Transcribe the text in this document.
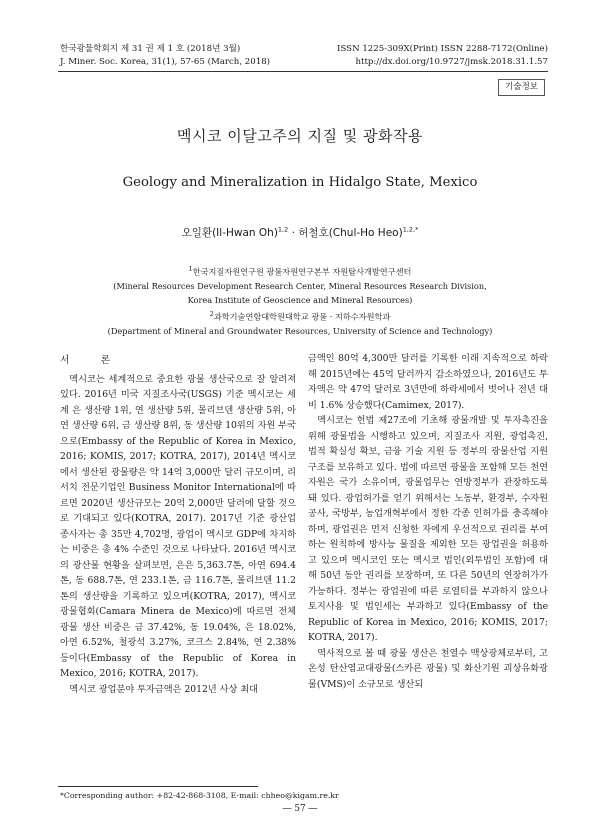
한국광물학회지 제 31 권 제 1 호 (2018년 3월)
J. Miner. Soc. Korea, 31(1), 57-65 (March, 2018)
ISSN 1225-309X(Print) ISSN 2288-7172(Online)
http://dx.doi.org/10.9727/jmsk.2018.31.1.57
기술정보
멕시코 이달고주의 지질 및 광화작용
Geology and Mineralization in Hidalgo State, Mexico
오일환(Il-Hwan Oh)$^{1,2}$ · 허철호(Chul-Ho Heo)$^{1,2,*}$
$^1$한국지질자원연구원 광물자원연구본부 자원탐사개발연구센터
(Mineral Resources Development Research Center, Mineral Resources Research Division,
Korea Institute of Geoscience and Mineral Resources)
$^2$과학기술연합대학원대학교 광물 · 지하수자원학과
(Department of Mineral and Groundwater Resources, University of Science and Technology)

서 론

멕시코는 세계적으로 중요한 광물 생산국으로 잘 알려져 있다. 2016년 미국 지질조사국(USGS) 기준 멕시코는 세계 은 생산량 1위, 연 생산량 5위, 몰리브덴 생산량 5위, 아연 생산량 6위, 금 생산량 8위, 동 생산량 10위의 자원 부국으로(Embassy of the Republic of Korea in Mexico, 2016; KOMIS, 2017; KOTRA, 2017), 2014년 멕시코에서 생산된 광물량은 약 14억 3,000만 달러 규모이며, 리서치 전문기업인 Business Monitor International에 따르면 2020년 생산규모는 20억 2,000만 달러에 달할 것으로 기대되고 있다(KOTRA, 2017). 2017년 기준 광산업 종사자는 총 35만 4,702명, 광업이 멕시코 GDP에 차지하는 비중은 총 4% 수준인 것으로 나타났다. 2016년 멕시코의 광산물 현황을 살펴보면, 은은 5,363.7톤, 아연 694.4톤, 동 688.7톤, 연 233.1톤, 금 116.7톤, 몰리브덴 11.2톤의 생산량을 기록하고 있으며(KOTRA, 2017), 멕시코 광물협회(Camara Minera de Mexico)에 따르면 전체 광물 생산 비중은 금 37.42%, 동 19.04%, 은 18.02%, 아연 6.52%, 철광석 3.27%, 코크스 2.84%, 연 2.38% 등이다(Embassy of the Republic of Korea in Mexico, 2016; KOTRA, 2017).

멕시코 광업분야 투자금액은 2012년 사상 최대

금액인 80억 4,300만 달러를 기록한 이래 지속적으로 하락해 2015년에는 45억 달러까지 감소하였으나, 2016년도 투자액은 약 47억 달러로 3년만에 하락세에서 벗어나 전년 대비 1.6% 상승했다(Camimex, 2017).

멕시코는 헌법 제27조에 기초해 광물개발 및 투자촉진을 위해 광물법을 시행하고 있으며, 지질조사 지원, 광업촉진, 법적 확실성 확보, 금융 기술 지원 등 정부의 광물산업 지원 구조를 보유하고 있다. 법에 따르면 광물을 포함해 모든 천연자원은 국가 소유이며, 광물업무는 연방정부가 관장하도록 돼 있다. 광업허가를 얻기 위해서는 노동부, 환경부, 수자원공사, 국방부, 농업개혁부에서 정한 각종 인허가를 충족해야 하며, 광업권은 먼저 신청한 자에게 우선적으로 권리를 부여하는 원칙하에 방사능 물질을 제외한 모든 광업권을 허용하고 있으며 멕시코인 또는 멕시코 법인(외투법인 포함)에 대해 50년 동안 권리를 보장하며, 또 다른 50년의 연장허가가 가능하다. 정부는 광업권에 따른 로열티를 부과하지 않으나 토지사용 및 법인세는 부과하고 있다(Embassy of the Republic of Korea in Mexico, 2016; KOMIS, 2017; KOTRA, 2017).

역사적으로 볼 때 광물 생산은 천열수 맥상광체로부터, 고온성 탄산염교대광물(스카른 광물) 및 화산기원 괴상유화광물(VMS)이 소규모로 생산되

*Corresponding author: +82-42-868-3108, E-mail: chheo@kigam.re.kr
― 57 ―
